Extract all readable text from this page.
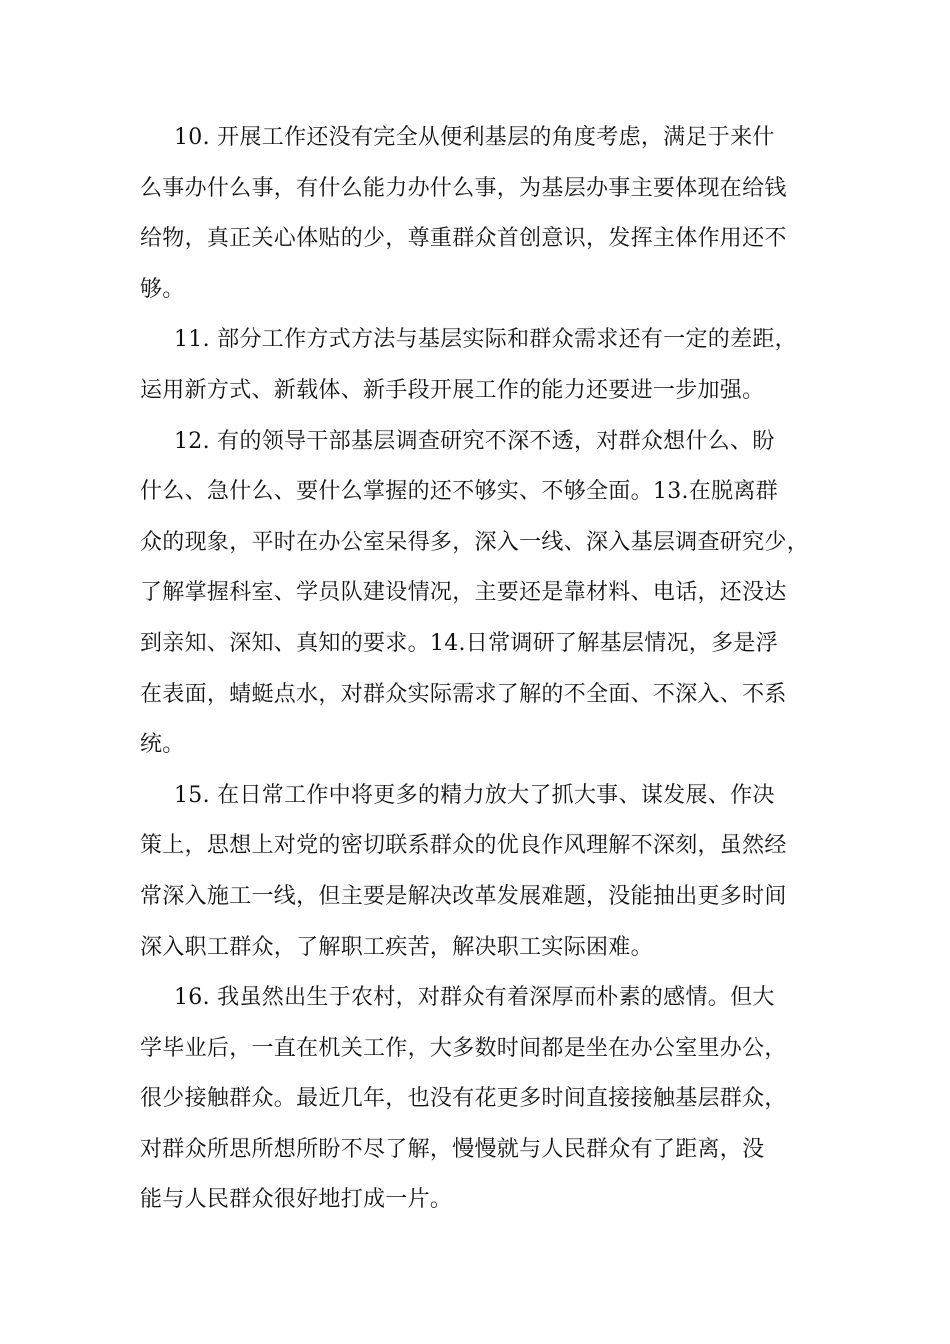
10. 开展工作还没有完全从便利基层的角度考虑，满足于来什
么事办什么事，有什么能力办什么事，为基层办事主要体现在给钱
给物，真正关心体贴的少，尊重群众首创意识，发挥主体作用还不
够。
11. 部分工作方式方法与基层实际和群众需求还有一定的差距，
运用新方式、新载体、新手段开展工作的能力还要进一步加强。
12. 有的领导干部基层调查研究不深不透，对群众想什么、盼
什么、急什么、要什么掌握的还不够实、不够全面。13.在脱离群
众的现象，平时在办公室呆得多，深入一线、深入基层调查研究少，
了解掌握科室、学员队建设情况，主要还是靠材料、电话，还没达
到亲知、深知、真知的要求。14.日常调研了解基层情况，多是浮
在表面，蜻蜓点水，对群众实际需求了解的不全面、不深入、不系
统。
15. 在日常工作中将更多的精力放大了抓大事、谋发展、作决
策上，思想上对党的密切联系群众的优良作风理解不深刻，虽然经
常深入施工一线，但主要是解决改革发展难题，没能抽出更多时间
深入职工群众，了解职工疾苦，解决职工实际困难。
16. 我虽然出生于农村，对群众有着深厚而朴素的感情。但大
学毕业后，一直在机关工作，大多数时间都是坐在办公室里办公，
很少接触群众。最近几年，也没有花更多时间直接接触基层群众，
对群众所思所想所盼不尽了解，慢慢就与人民群众有了距离，没
能与人民群众很好地打成一片。
